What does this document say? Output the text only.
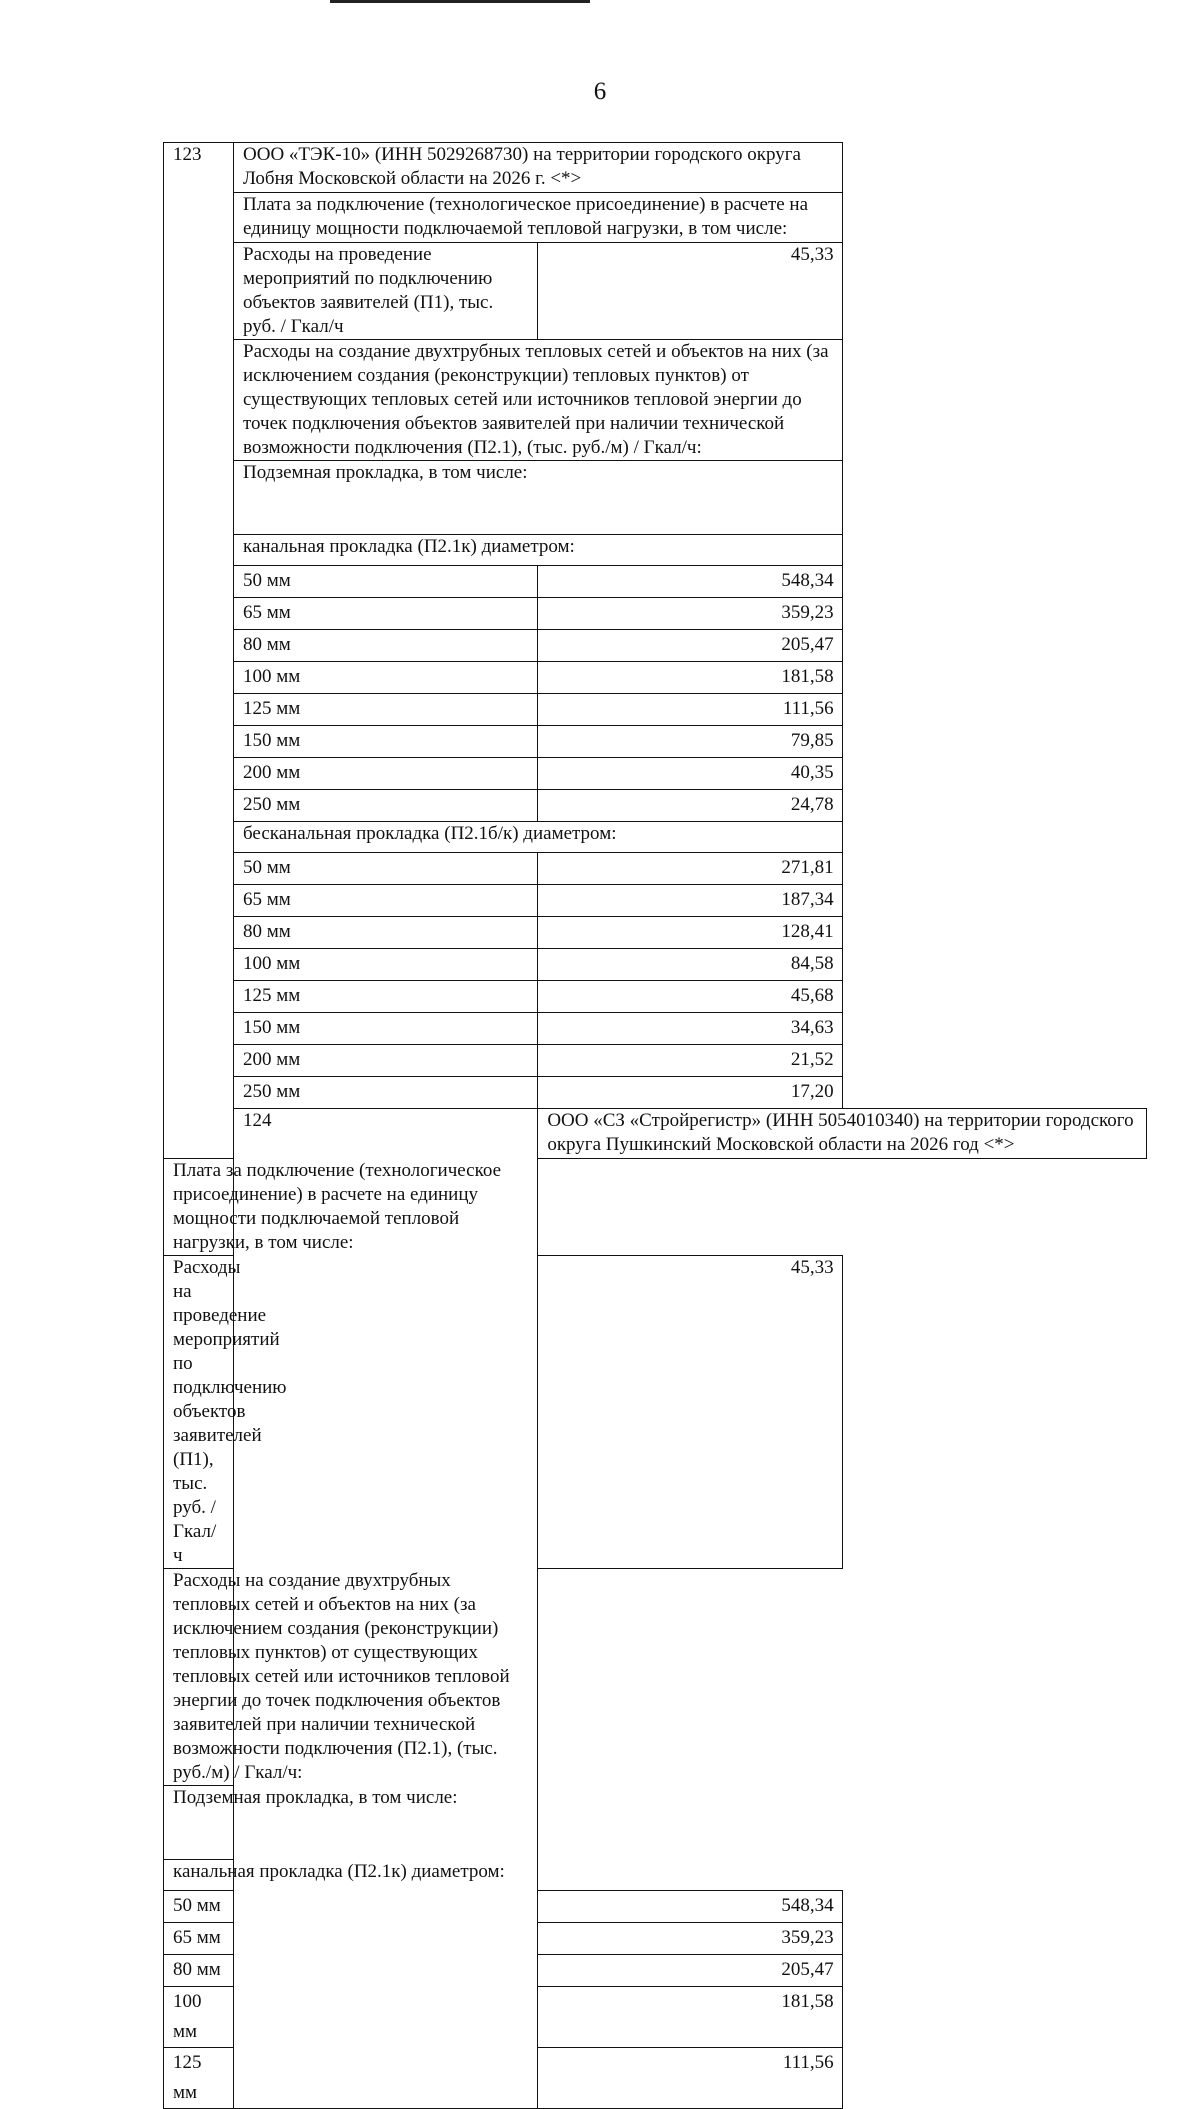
6
123	ООО «ТЭК-10» (ИНН 5029268730) на территории городского округа Лобня Московской области на 2026 г. <*>	
	Плата за подключение (технологическое присоединение) в расчете на единицу мощности подключаемой тепловой нагрузки, в том числе:	
	Расходы на проведение мероприятий по подключению объектов заявителей (П1), тыс. руб. / Гкал/ч	45,33
	Расходы на создание двухтрубных тепловых сетей и объектов на них (за исключением создания (реконструкции) тепловых пунктов) от существующих тепловых сетей или источников тепловой энергии до точек подключения объектов заявителей при наличии технической возможности подключения (П2.1), (тыс. руб./м) / Гкал/ч:	
	Подземная прокладка, в том числе:	
	канальная прокладка (П2.1к) диаметром:	
	50 мм	548,34
	65 мм	359,23
	80 мм	205,47
	100 мм	181,58
	125 мм	111,56
	150 мм	79,85
	200 мм	40,35
	250 мм	24,78
	бесканальная прокладка (П2.1б/к) диаметром:	
	50 мм	271,81
	65 мм	187,34
	80 мм	128,41
	100 мм	84,58
	125 мм	45,68
	150 мм	34,63
	200 мм	21,52
	250 мм	17,20
	124	ООО «СЗ «Стройрегистр» (ИНН 5054010340) на территории городского округа Пушкинский Московской области на 2026 год <*>
Плата за подключение (технологическое присоединение) в расчете на единицу мощности подключаемой тепловой нагрузки, в том числе:		
Расходы на проведение мероприятий по подключению объектов заявителей (П1), тыс. руб. / Гкал/ч		45,33
Расходы на создание двухтрубных тепловых сетей и объектов на них (за исключением создания (реконструкции) тепловых пунктов) от существующих тепловых сетей или источников тепловой энергии до точек подключения объектов заявителей при наличии технической возможности подключения (П2.1), (тыс. руб./м) / Гкал/ч:		
Подземная прокладка, в том числе:		
канальная прокладка (П2.1к) диаметром:		
50 мм		548,34
65 мм		359,23
80 мм		205,47
100 мм		181,58
125 мм		111,56
